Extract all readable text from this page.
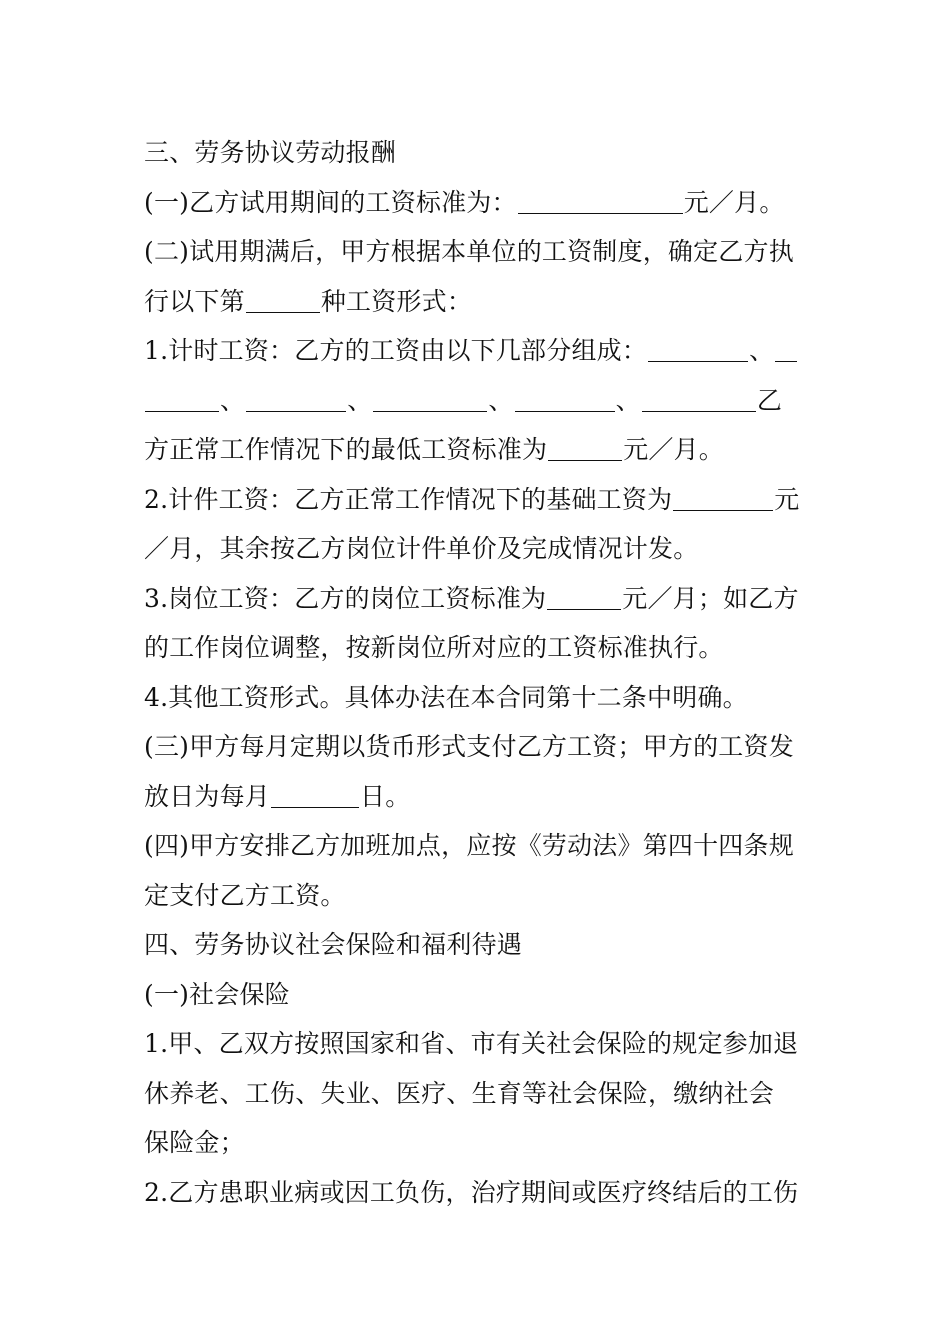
三、劳务协议劳动报酬
(一)乙方试用期间的工资标准为：	元／月。
(二)试用期满后，甲方根据本单位的工资制度，确定乙方执
行以下第	种工资形式：
1.计时工资：乙方的工资由以下几部分组成：	、
、	、	、	、	乙
方正常工作情况下的最低工资标准为	元／月。
2.计件工资：乙方正常工作情况下的基础工资为	元
／月，其余按乙方岗位计件单价及完成情况计发。
3.岗位工资：乙方的岗位工资标准为	元／月；如乙方
的工作岗位调整，按新岗位所对应的工资标准执行。
4.其他工资形式。具体办法在本合同第十二条中明确。
(三)甲方每月定期以货币形式支付乙方工资；甲方的工资发
放日为每月	日。
(四)甲方安排乙方加班加点，应按《劳动法》第四十四条规
定支付乙方工资。
四、劳务协议社会保险和福利待遇
(一)社会保险
1.甲、乙双方按照国家和省、市有关社会保险的规定参加退
休养老、工伤、失业、医疗、生育等社会保险，缴纳社会
保险金；
2.乙方患职业病或因工负伤，治疗期间或医疗终结后的工伤
